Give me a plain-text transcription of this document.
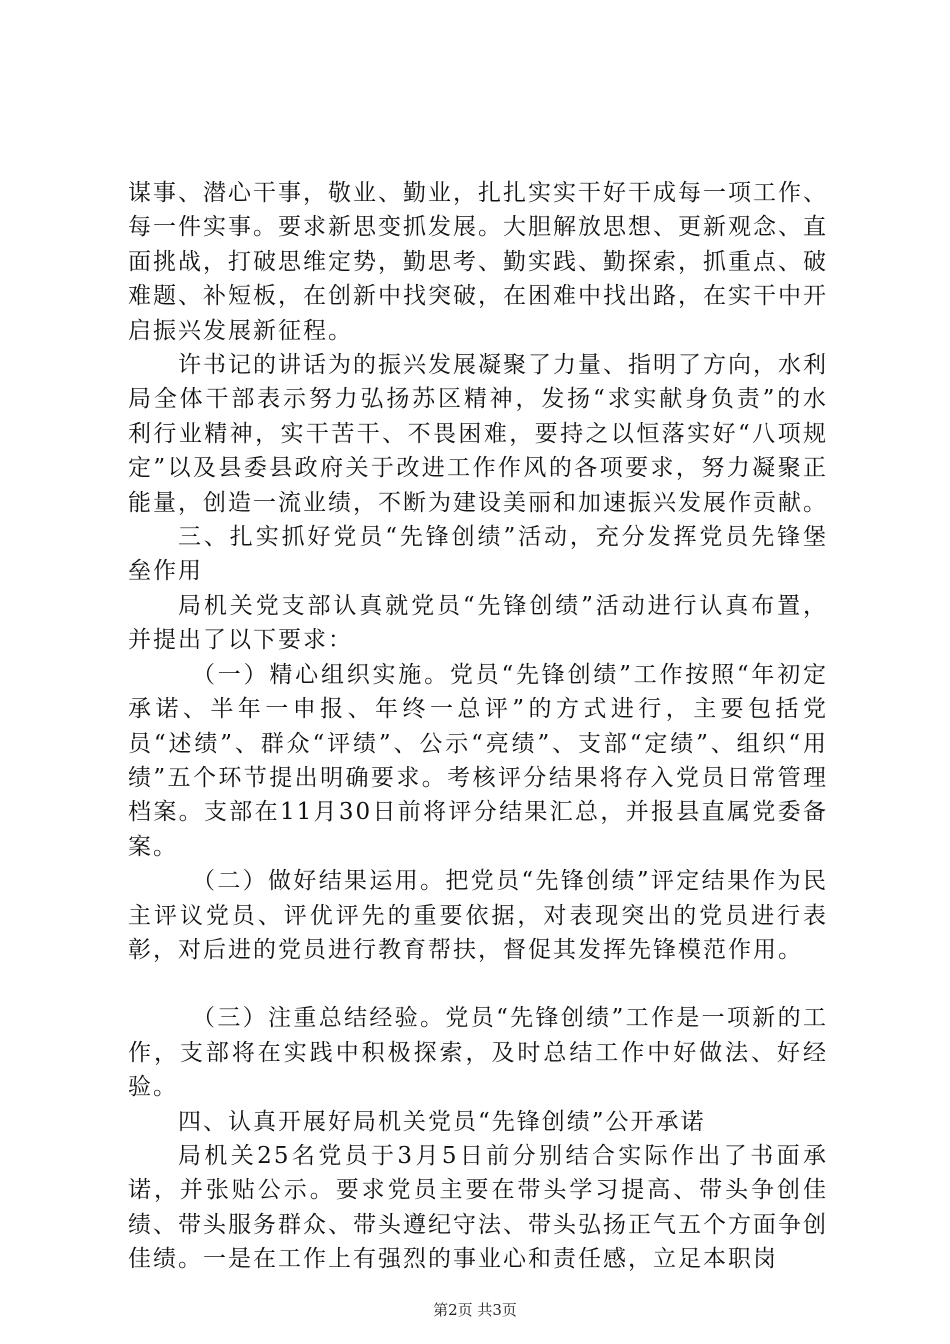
谋事、潜心干事，敬业、勤业，扎扎实实干好干成每一项工作、每一件实事。要求新思变抓发展。大胆解放思想、更新观念、直面挑战，打破思维定势，勤思考、勤实践、勤探索，抓重点、破难题、补短板，在创新中找突破，在困难中找出路，在实干中开启振兴发展新征程。

许书记的讲话为的振兴发展凝聚了力量、指明了方向，水利局全体干部表示努力弘扬苏区精神，发扬“求实献身负责”的水利行业精神，实干苦干、不畏困难，要持之以恒落实好“八项规定”以及县委县政府关于改进工作作风的各项要求，努力凝聚正能量，创造一流业绩，不断为建设美丽和加速振兴发展作贡献。

三、扎实抓好党员“先锋创绩”活动，充分发挥党员先锋堡垒作用

局机关党支部认真就党员“先锋创绩”活动进行认真布置，并提出了以下要求：

（一）精心组织实施。党员“先锋创绩”工作按照“年初定承诺、半年一申报、年终一总评”的方式进行，主要包括党员“述绩”、群众“评绩”、公示“亮绩”、支部“定绩”、组织“用绩”五个环节提出明确要求。考核评分结果将存入党员日常管理档案。支部在11月30日前将评分结果汇总，并报县直属党委备案。

（二）做好结果运用。把党员“先锋创绩”评定结果作为民主评议党员、评优评先的重要依据，对表现突出的党员进行表彰，对后进的党员进行教育帮扶，督促其发挥先锋模范作用。

（三）注重总结经验。党员“先锋创绩”工作是一项新的工作，支部将在实践中积极探索，及时总结工作中好做法、好经验。

四、认真开展好局机关党员“先锋创绩”公开承诺

局机关25名党员于3月5日前分别结合实际作出了书面承诺，并张贴公示。要求党员主要在带头学习提高、带头争创佳绩、带头服务群众、带头遵纪守法、带头弘扬正气五个方面争创佳绩。一是在工作上有强烈的事业心和责任感，立足本职岗

第2页 共3页
